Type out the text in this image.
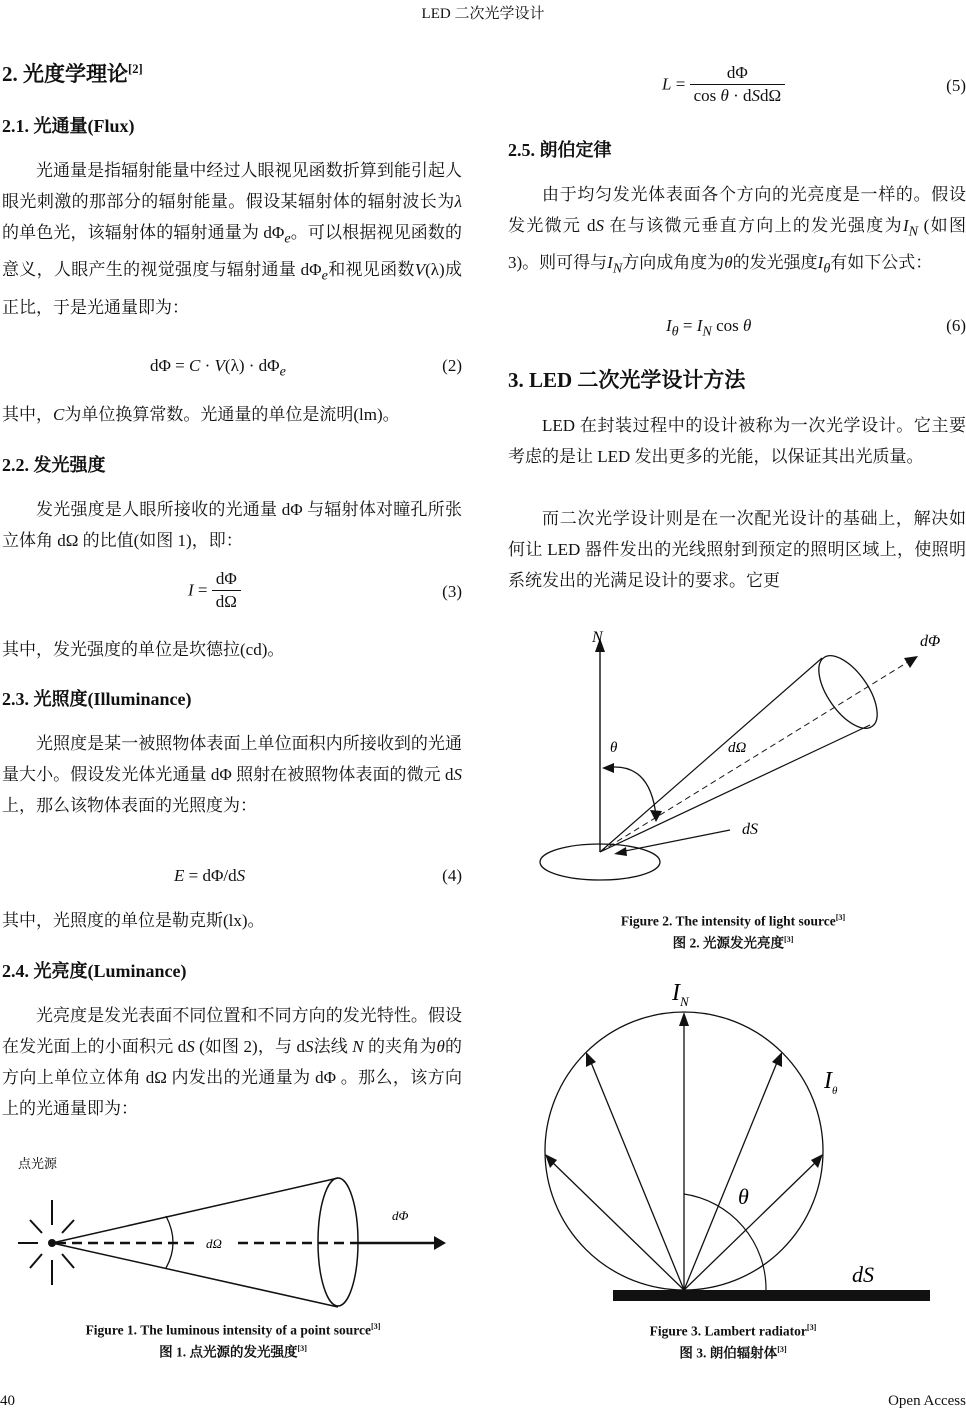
LED 二次光学设计
2. 光度学理论[2]
2.1. 光通量(Flux)

光通量是指辐射能量中经过人眼视见函数折算到能引起人眼光刺激的那部分的辐射能量。假设某辐射体的辐射波长为λ的单色光，该辐射体的辐射通量为 $d\Phi_e$。可以根据视见函数的意义，人眼产生的视觉强度与辐射通量 $d\Phi_e$和视见函数V(λ)成正比，于是光通量即为：

$d\Phi = C \cdot V(\lambda) \cdot d\Phi_e$	(2)

其中，C为单位换算常数。光通量的单位是流明(lm)。

2.2. 发光强度

发光强度是人眼所接收的光通量 dΦ 与辐射体对瞳孔所张立体角 dΩ 的比值(如图 1)，即：

$I = \frac{d\Phi}{d\Omega}$	(3)

其中，发光强度的单位是坎德拉(cd)。

2.3. 光照度(Illuminance)

光照度是某一被照物体表面上单位面积内所接收到的光通量大小。假设发光体光通量 dΦ 照射在被照物体表面的微元 dS 上，那么该物体表面的光照度为：

E = dΦ/dS	(4)

其中，光照度的单位是勒克斯(lx)。

2.4. 光亮度(Luminance)

光亮度是发光表面不同位置和不同方向的发光特性。假设在发光面上的小面积元 dS (如图 2)，与 dS法线 N 的夹角为θ的方向上单位立体角 dΩ 内发出的光通量为 dΦ 。那么，该方向上的光通量即为：

点光源
dΩ
dΦ
Figure 1. The luminous intensity of a point source[3]
图 1. 点光源的发光强度[3]
$L = \frac{d\Phi}{\text{cos θ · dSdΩ}}$	(5)
2.5. 朗伯定律

由于均匀发光体表面各个方向的光亮度是一样的。假设发光微元 dS 在与该微元垂直方向上的发光强度为$I_N$ (如图 3)。则可得与$I_N$方向成角度为θ的发光强度$I_\theta$有如下公式：

$I_\theta = I_N$ cos θ	(6)
3. LED 二次光学设计方法

LED 在封装过程中的设计被称为一次光学设计。它主要考虑的是让 LED 发出更多的光能，以保证其出光质量。

而二次光学设计则是在一次配光设计的基础上，解决如何让 LED 器件发出的光线照射到预定的照明区域上，使照明系统发出的光满足设计的要求。它更

N	dΦ
θ	dΩ
dS
Figure 2. The intensity of light source[3]
图 2. 光源发光亮度[3]
θ
$I_N$
$I_\theta$
dS
Figure 3. Lambert radiator[3]
图 3. 朗伯辐射体[3]
40	Open Access
